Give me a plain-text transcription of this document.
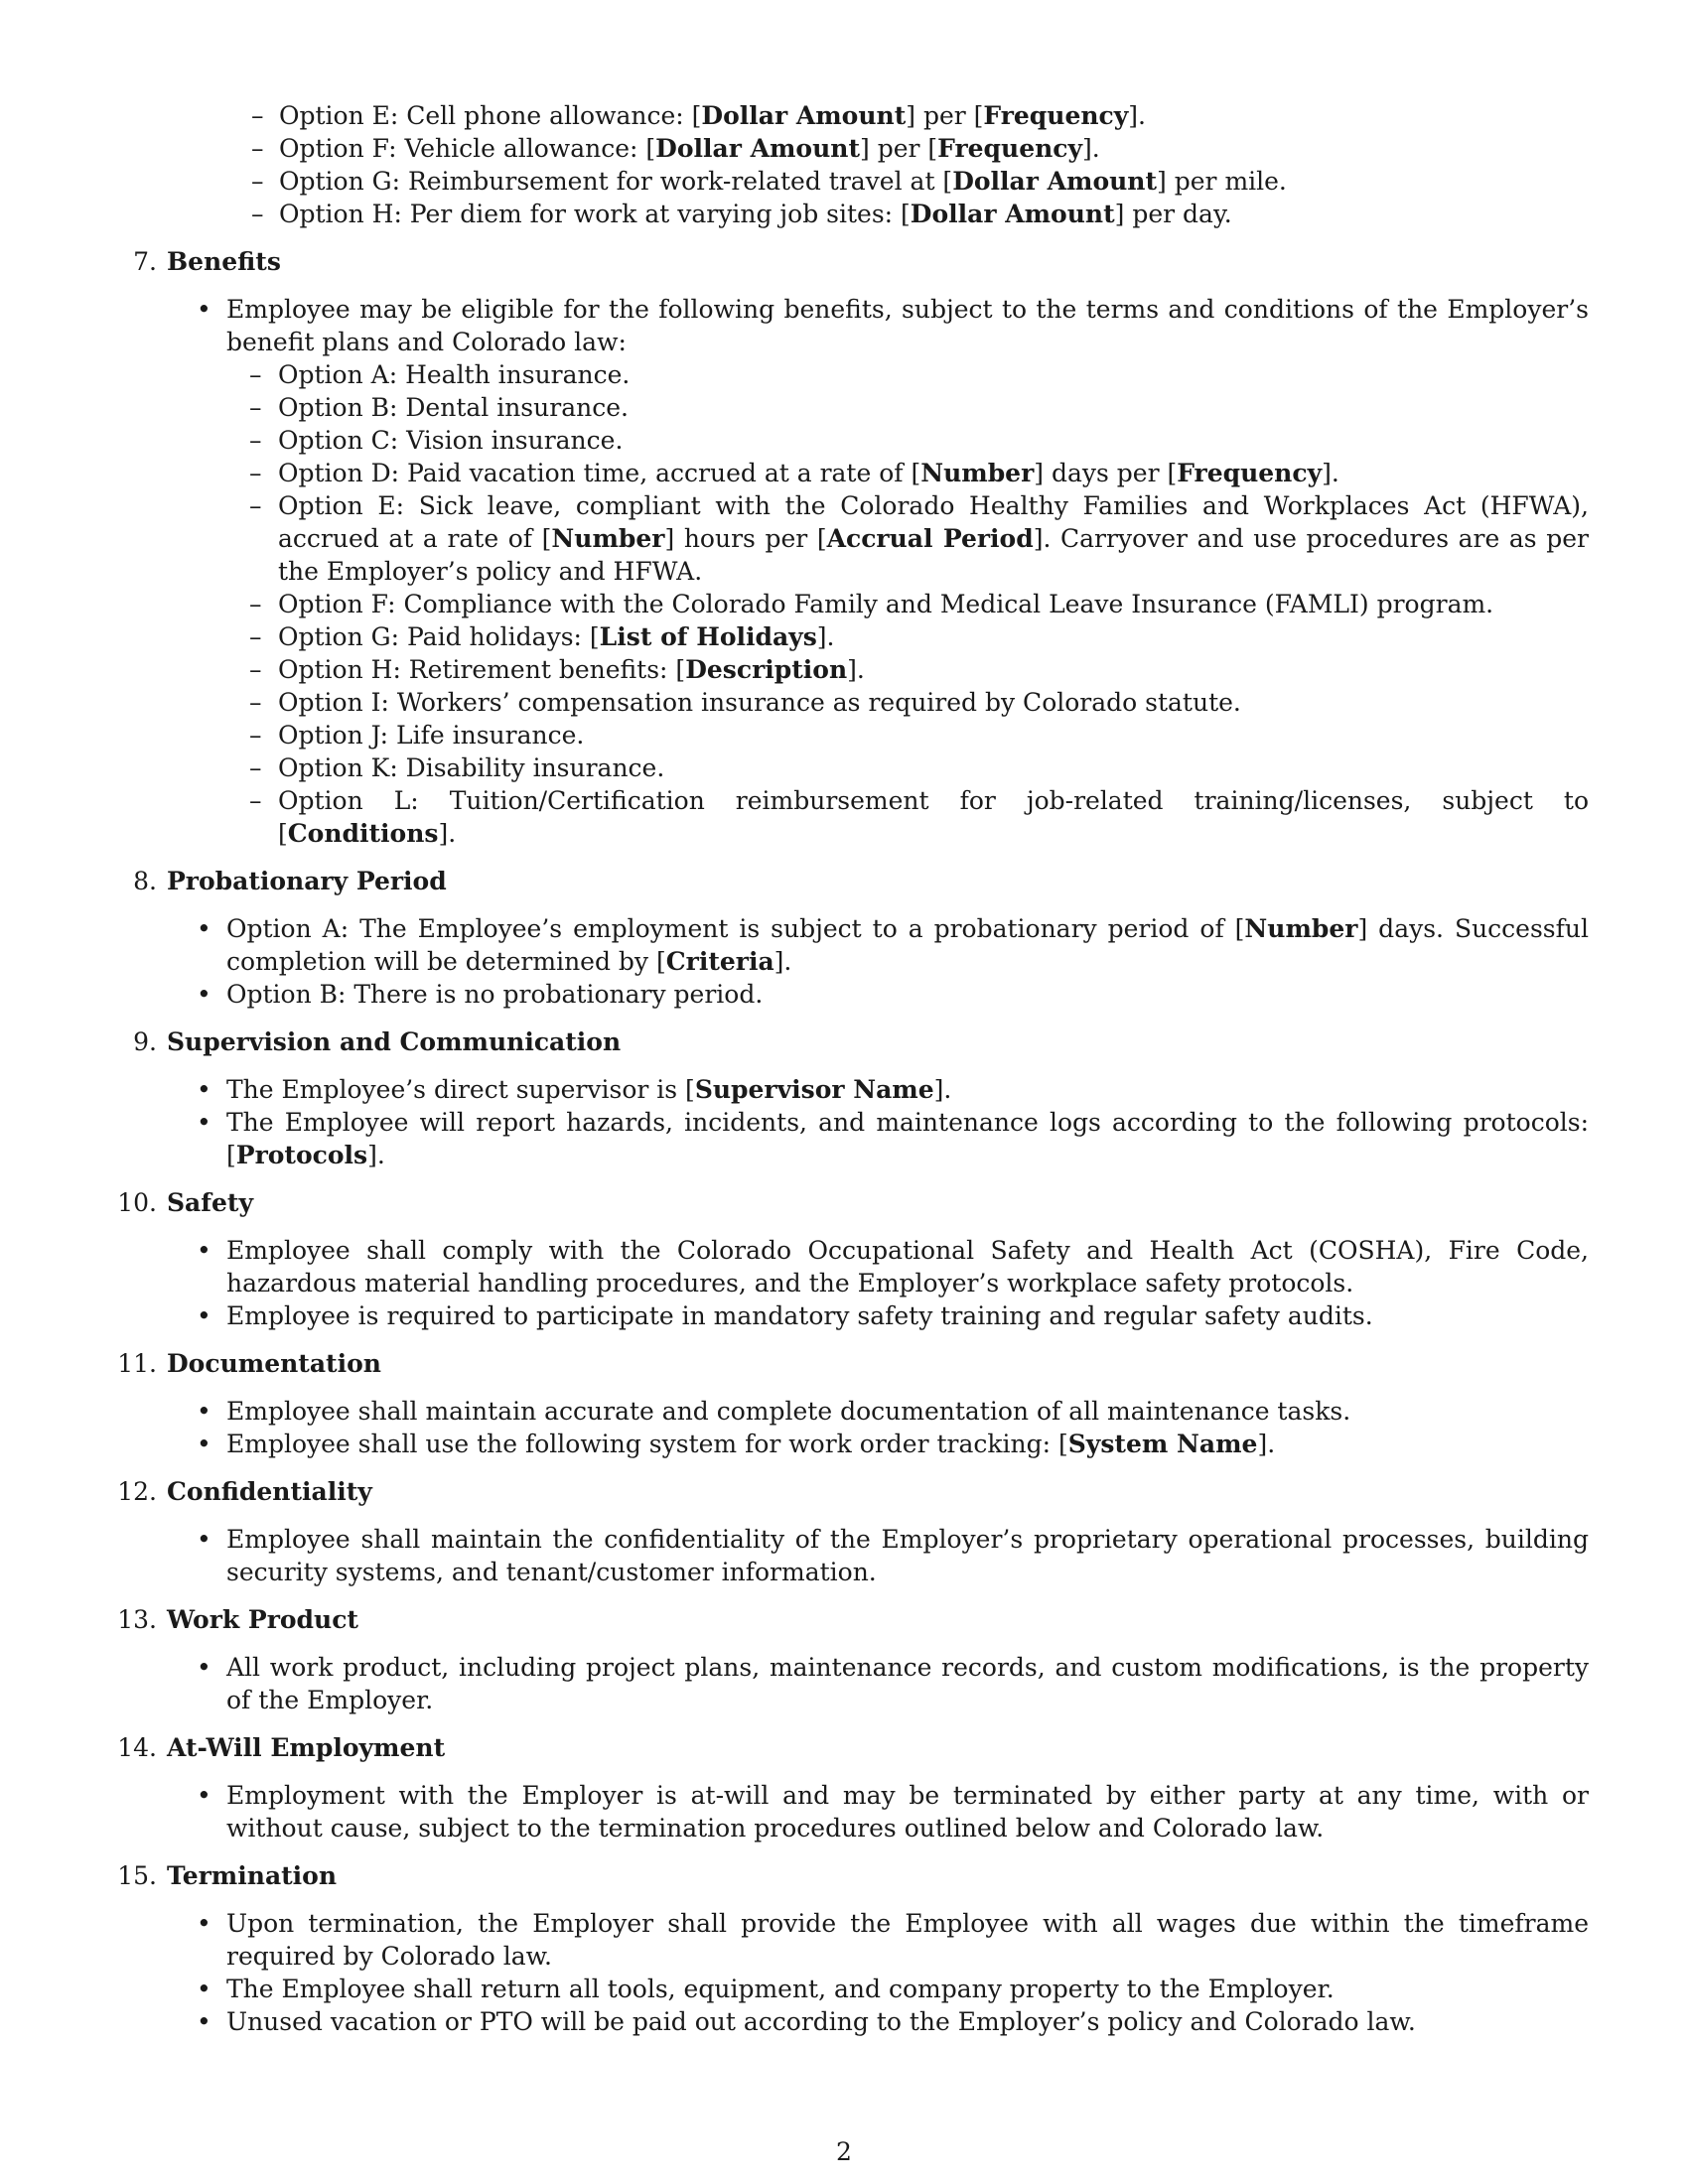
– Option E: Cell phone allowance: [Dollar Amount] per [Frequency].
– Option F: Vehicle allowance: [Dollar Amount] per [Frequency].
– Option G: Reimbursement for work-related travel at [Dollar Amount] per mile.
– Option H: Per diem for work at varying job sites: [Dollar Amount] per day.
7. Benefits
• Employee may be eligible for the following benefits, subject to the terms and conditions of the Employer’s benefit plans and Colorado law:
– Option A: Health insurance.
– Option B: Dental insurance.
– Option C: Vision insurance.
– Option D: Paid vacation time, accrued at a rate of [Number] days per [Frequency].
– Option E: Sick leave, compliant with the Colorado Healthy Families and Workplaces Act (HFWA), accrued at a rate of [Number] hours per [Accrual Period]. Carryover and use procedures are as per the Employer’s policy and HFWA.
– Option F: Compliance with the Colorado Family and Medical Leave Insurance (FAMLI) program.
– Option G: Paid holidays: [List of Holidays].
– Option H: Retirement benefits: [Description].
– Option I: Workers’ compensation insurance as required by Colorado statute.
– Option J: Life insurance.
– Option K: Disability insurance.
– Option L: Tuition/Certification reimbursement for job-related training/licenses, subject to [Conditions].
8. Probationary Period
• Option A: The Employee’s employment is subject to a probationary period of [Number] days. Successful completion will be determined by [Criteria].
• Option B: There is no probationary period.
9. Supervision and Communication
• The Employee’s direct supervisor is [Supervisor Name].
• The Employee will report hazards, incidents, and maintenance logs according to the following protocols: [Protocols].
10. Safety
• Employee shall comply with the Colorado Occupational Safety and Health Act (COSHA), Fire Code, hazardous material handling procedures, and the Employer’s workplace safety protocols.
• Employee is required to participate in mandatory safety training and regular safety audits.
11. Documentation
• Employee shall maintain accurate and complete documentation of all maintenance tasks.
• Employee shall use the following system for work order tracking: [System Name].
12. Confidentiality
• Employee shall maintain the confidentiality of the Employer’s proprietary operational processes, building security systems, and tenant/customer information.
13. Work Product
• All work product, including project plans, maintenance records, and custom modifications, is the property of the Employer.
14. At-Will Employment
• Employment with the Employer is at-will and may be terminated by either party at any time, with or without cause, subject to the termination procedures outlined below and Colorado law.
15. Termination
• Upon termination, the Employer shall provide the Employee with all wages due within the timeframe required by Colorado law.
• The Employee shall return all tools, equipment, and company property to the Employer.
• Unused vacation or PTO will be paid out according to the Employer’s policy and Colorado law.
2
